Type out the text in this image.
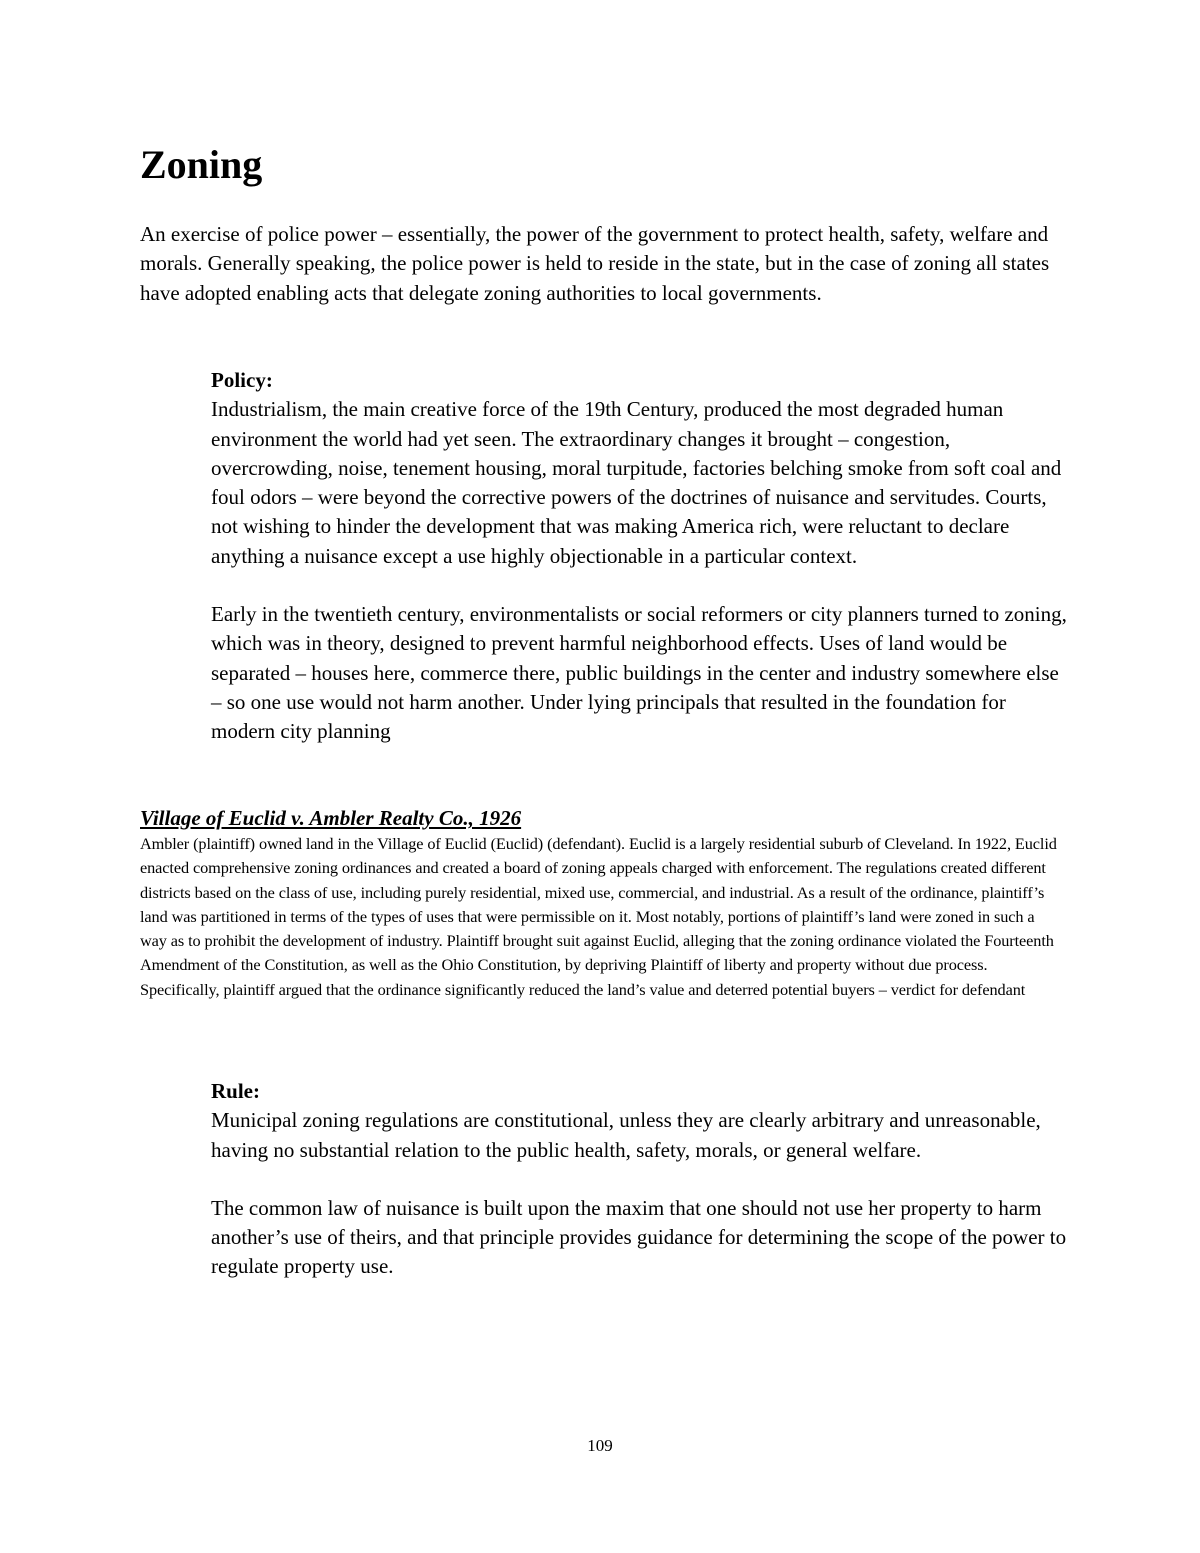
Zoning

An exercise of police power – essentially, the power of the government to protect health, safety, welfare and morals. Generally speaking, the police power is held to reside in the state, but in the case of zoning all states have adopted enabling acts that delegate zoning authorities to local governments.

Policy:

Industrialism, the main creative force of the 19th Century, produced the most degraded human environment the world had yet seen. The extraordinary changes it brought – congestion, overcrowding, noise, tenement housing, moral turpitude, factories belching smoke from soft coal and foul odors – were beyond the corrective powers of the doctrines of nuisance and servitudes. Courts, not wishing to hinder the development that was making America rich, were reluctant to declare anything a nuisance except a use highly objectionable in a particular context.

Early in the twentieth century, environmentalists or social reformers or city planners turned to zoning, which was in theory, designed to prevent harmful neighborhood effects. Uses of land would be separated – houses here, commerce there, public buildings in the center and industry somewhere else – so one use would not harm another. Under lying principals that resulted in the foundation for modern city planning

Village of Euclid v. Ambler Realty Co., 1926

Ambler (plaintiff) owned land in the Village of Euclid (Euclid) (defendant). Euclid is a largely residential suburb of Cleveland. In 1922, Euclid enacted comprehensive zoning ordinances and created a board of zoning appeals charged with enforcement. The regulations created different districts based on the class of use, including purely residential, mixed use, commercial, and industrial. As a result of the ordinance, plaintiff’s land was partitioned in terms of the types of uses that were permissible on it. Most notably, portions of plaintiff’s land were zoned in such a way as to prohibit the development of industry. Plaintiff brought suit against Euclid, alleging that the zoning ordinance violated the Fourteenth Amendment of the Constitution, as well as the Ohio Constitution, by depriving Plaintiff of liberty and property without due process. Specifically, plaintiff argued that the ordinance significantly reduced the land’s value and deterred potential buyers – verdict for defendant

Rule:

Municipal zoning regulations are constitutional, unless they are clearly arbitrary and unreasonable, having no substantial relation to the public health, safety, morals, or general welfare.

The common law of nuisance is built upon the maxim that one should not use her property to harm another’s use of theirs, and that principle provides guidance for determining the scope of the power to regulate property use.

109
